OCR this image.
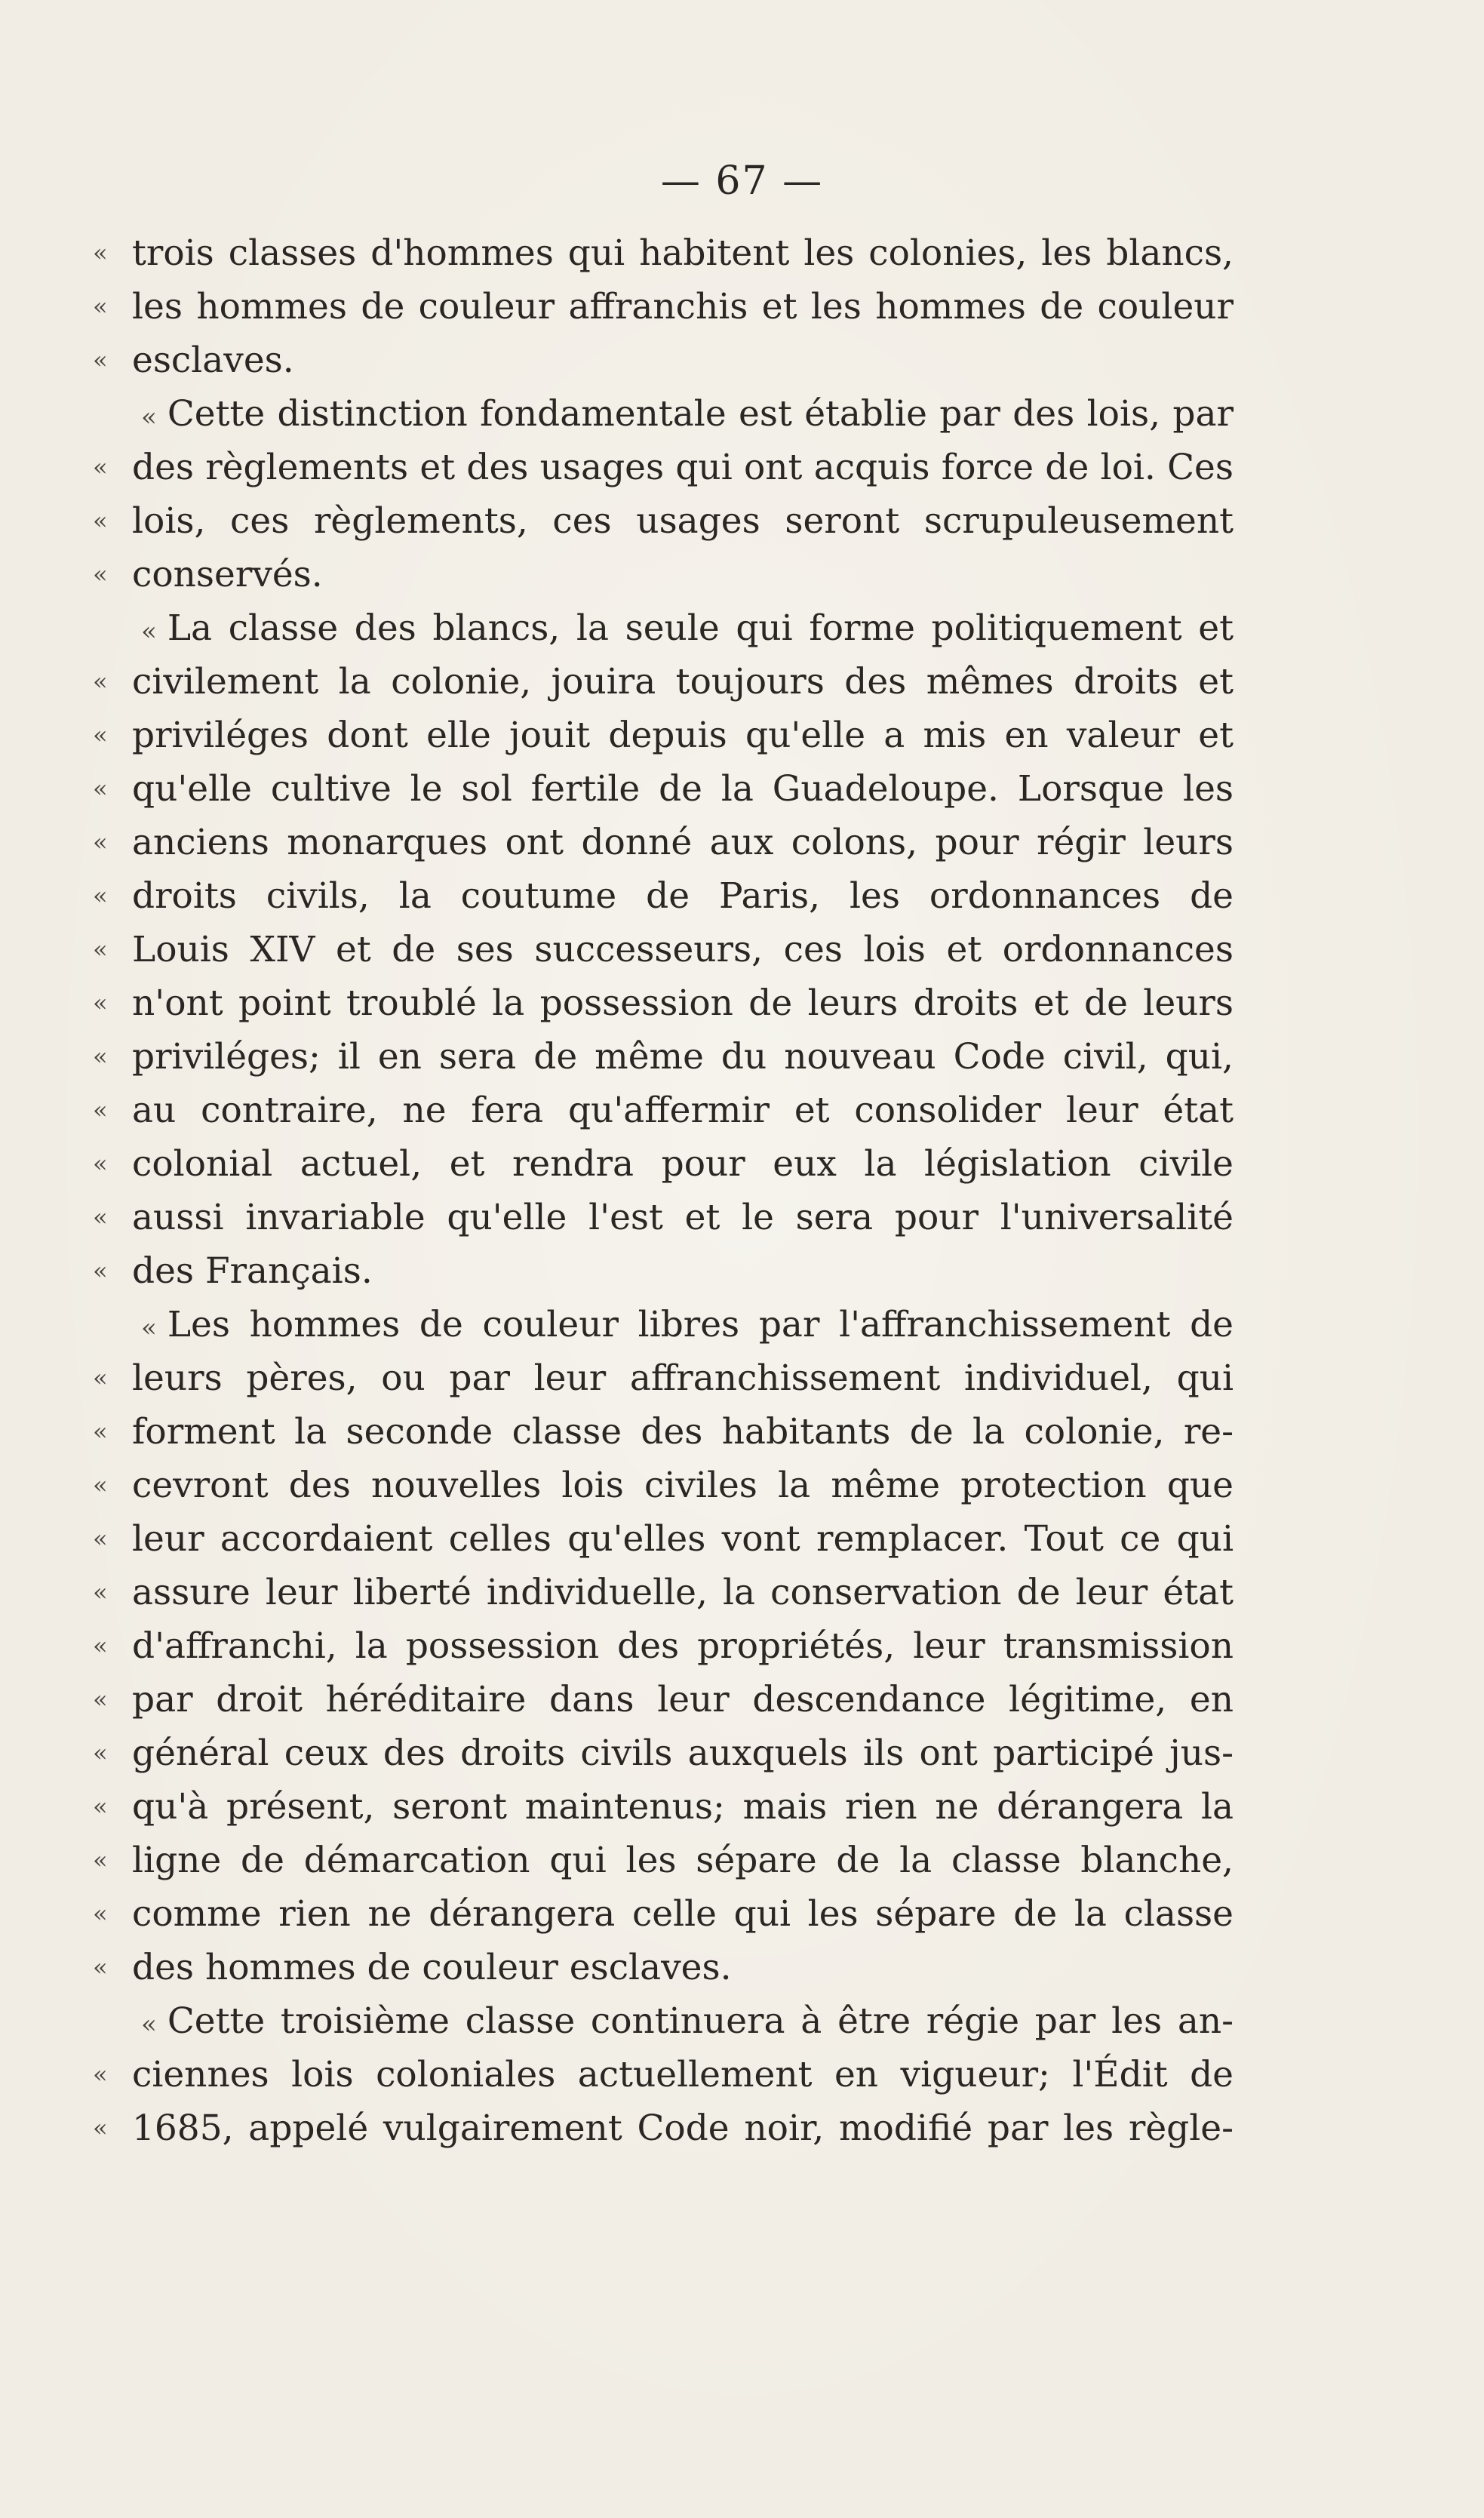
— 67 —
« trois classes d'hommes qui habitent les colonies, les blancs,
« les hommes de couleur affranchis et les hommes de couleur
« esclaves.
« Cette distinction fondamentale est établie par des lois, par
« des règlements et des usages qui ont acquis force de loi. Ces
« lois, ces règlements, ces usages seront scrupuleusement
« conservés.
« La classe des blancs, la seule qui forme politiquement et
« civilement la colonie, jouira toujours des mêmes droits et
« priviléges dont elle jouit depuis qu'elle a mis en valeur et
« qu'elle cultive le sol fertile de la Guadeloupe. Lorsque les
« anciens monarques ont donné aux colons, pour régir leurs
« droits civils, la coutume de Paris, les ordonnances de
« Louis XIV et de ses successeurs, ces lois et ordonnances
« n'ont point troublé la possession de leurs droits et de leurs
« priviléges; il en sera de même du nouveau Code civil, qui,
« au contraire, ne fera qu'affermir et consolider leur état
« colonial actuel, et rendra pour eux la législation civile
« aussi invariable qu'elle l'est et le sera pour l'universalité
« des Français.
« Les hommes de couleur libres par l'affranchissement de
« leurs pères, ou par leur affranchissement individuel, qui
« forment la seconde classe des habitants de la colonie, re-
« cevront des nouvelles lois civiles la même protection que
« leur accordaient celles qu'elles vont remplacer. Tout ce qui
« assure leur liberté individuelle, la conservation de leur état
« d'affranchi, la possession des propriétés, leur transmission
« par droit héréditaire dans leur descendance légitime, en
« général ceux des droits civils auxquels ils ont participé jus-
« qu'à présent, seront maintenus; mais rien ne dérangera la
« ligne de démarcation qui les sépare de la classe blanche,
« comme rien ne dérangera celle qui les sépare de la classe
« des hommes de couleur esclaves.
« Cette troisième classe continuera à être régie par les an-
« ciennes lois coloniales actuellement en vigueur; l'Édit de
« 1685, appelé vulgairement Code noir, modifié par les règle-
